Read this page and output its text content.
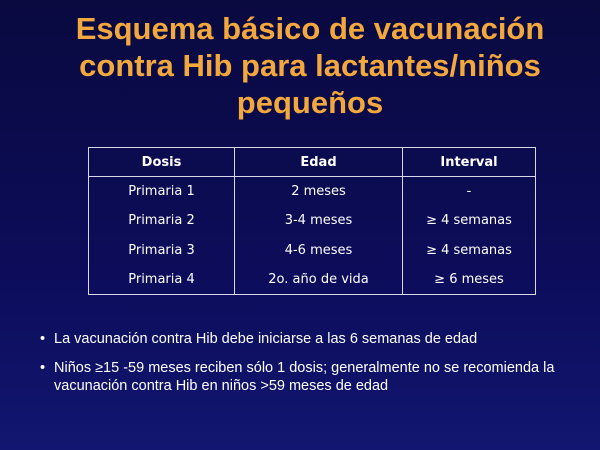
Esquema básico de vacunación
contra Hib para lactantes/niños
pequeños
Dosis	Edad	Interval
Primaria 1	2 meses	-
Primaria 2	3-4 meses	≥ 4 semanas
Primaria 3	4-6 meses	≥ 4 semanas
Primaria 4	2o. año de vida	≥ 6 meses
• La vacunación contra Hib debe iniciarse a las 6 semanas de edad
• Niños ≥15 -59 meses reciben sólo 1 dosis; generalmente no se recomienda la vacunación contra Hib en niños >59 meses de edad
